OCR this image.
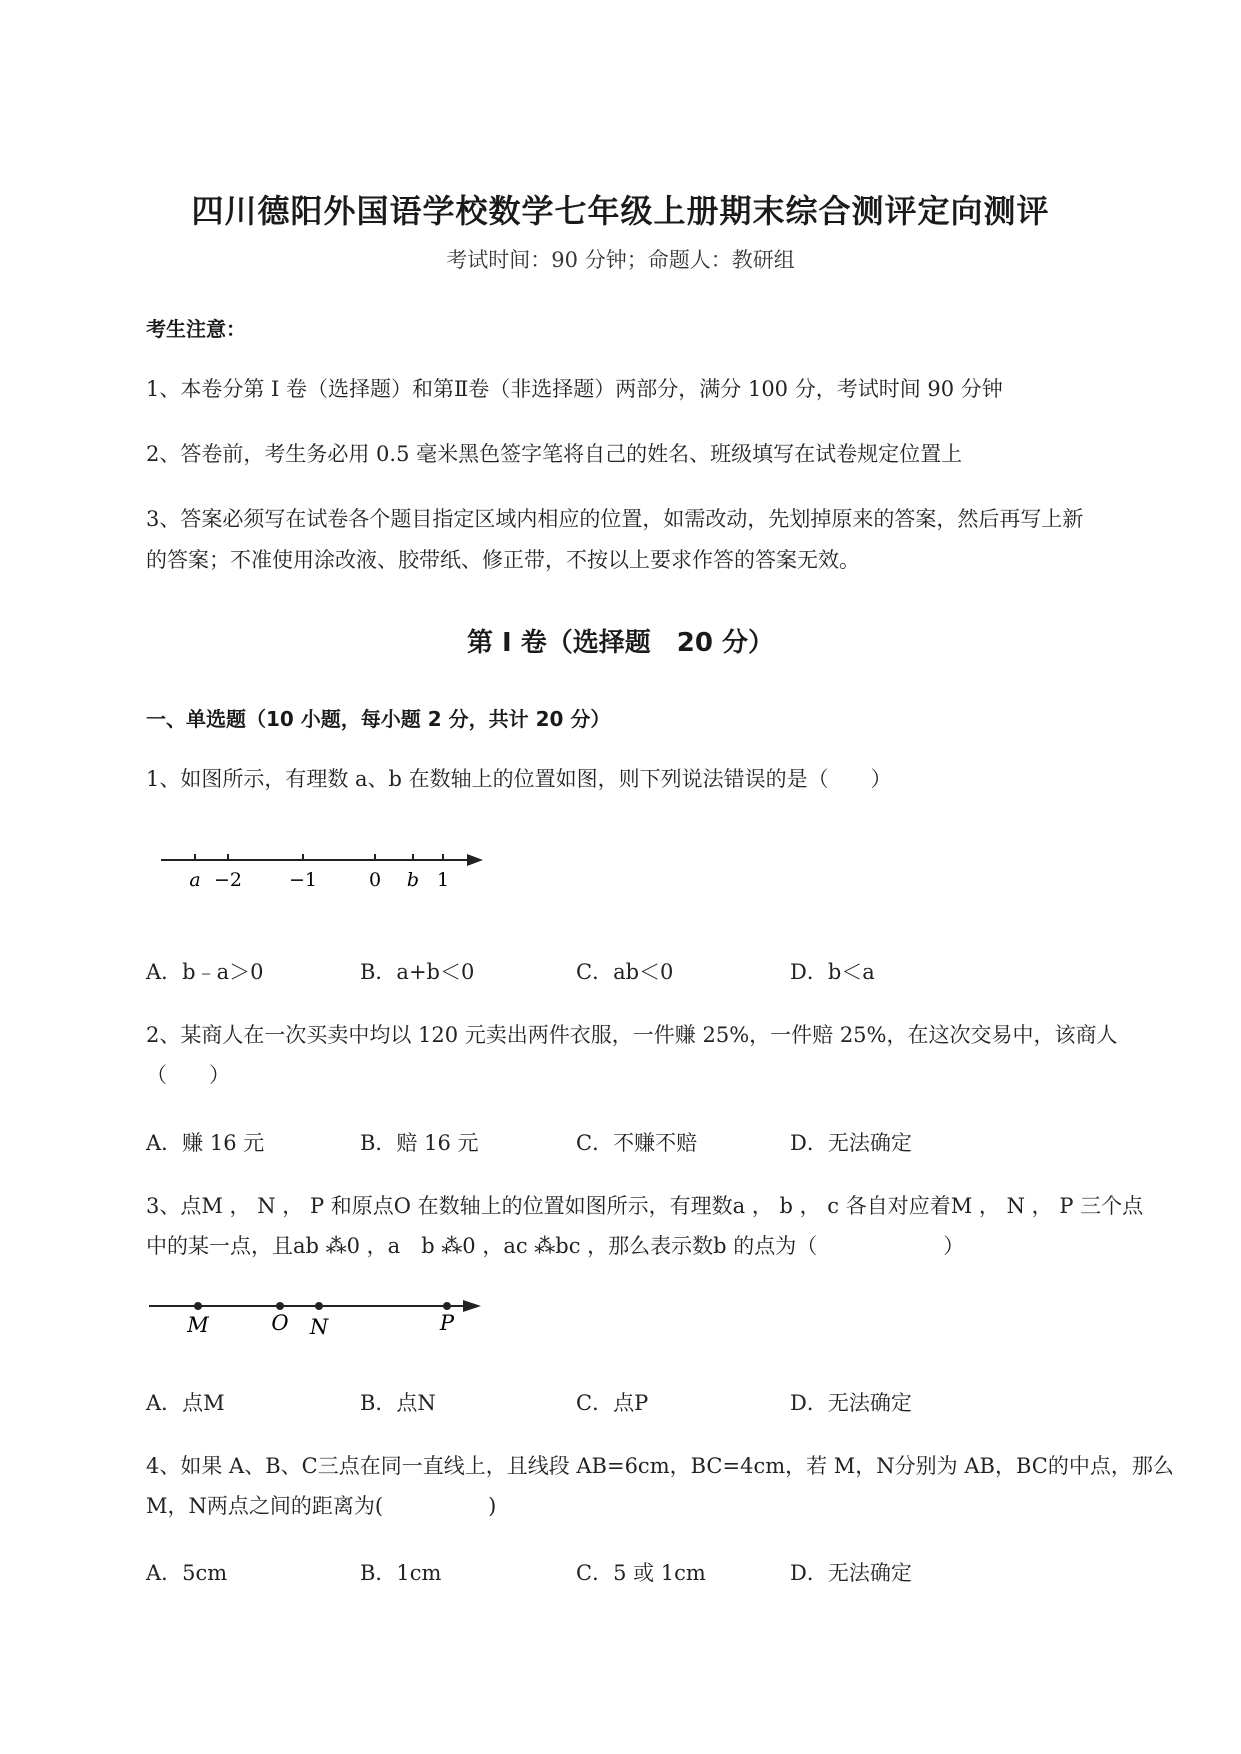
四川德阳外国语学校数学七年级上册期末综合测评定向测评
考试时间：90 分钟；命题人：教研组
考生注意：
1、本卷分第 I 卷（选择题）和第Ⅱ卷（非选择题）两部分，满分 100 分，考试时间 90 分钟
2、答卷前，考生务必用 0.5 毫米黑色签字笔将自己的姓名、班级填写在试卷规定位置上
3、答案必须写在试卷各个题目指定区域内相应的位置，如需改动，先划掉原来的答案，然后再写上新
的答案；不准使用涂改液、胶带纸、修正带，不按以上要求作答的答案无效。
第 I 卷（选择题　20 分）
一、单选题（10 小题，每小题 2 分，共计 20 分）
1、如图所示，有理数 a、b 在数轴上的位置如图，则下列说法错误的是（　　）
a −2 −1	0 b 1
A．b﹣a＞0	B．a+b＜0	C．ab＜0	D．b＜a
2、某商人在一次买卖中均以 120 元卖出两件衣服，一件赚 25%，一件赔 25%，在这次交易中，该商人
（　　）
A．赚 16 元	B．赔 16 元	C．不赚不赔	D．无法确定
3、点M ， N ， P 和原点O 在数轴上的位置如图所示，有理数a ， b ， c 各自对应着M ， N ， P 三个点
中的某一点，且ab ⁂0 ，a　b ⁂0 ，ac ⁂bc ，那么表示数b 的点为（　　　　　　）
M	O N	P
A．点M	B．点N	C．点P	D．无法确定
4、如果 A、B、C三点在同一直线上，且线段 AB=6cm，BC=4cm，若 M，N分别为 AB，BC的中点，那么
M，N两点之间的距离为(　　　　　)
A．5cm	B．1cm	C．5 或 1cm	D．无法确定
